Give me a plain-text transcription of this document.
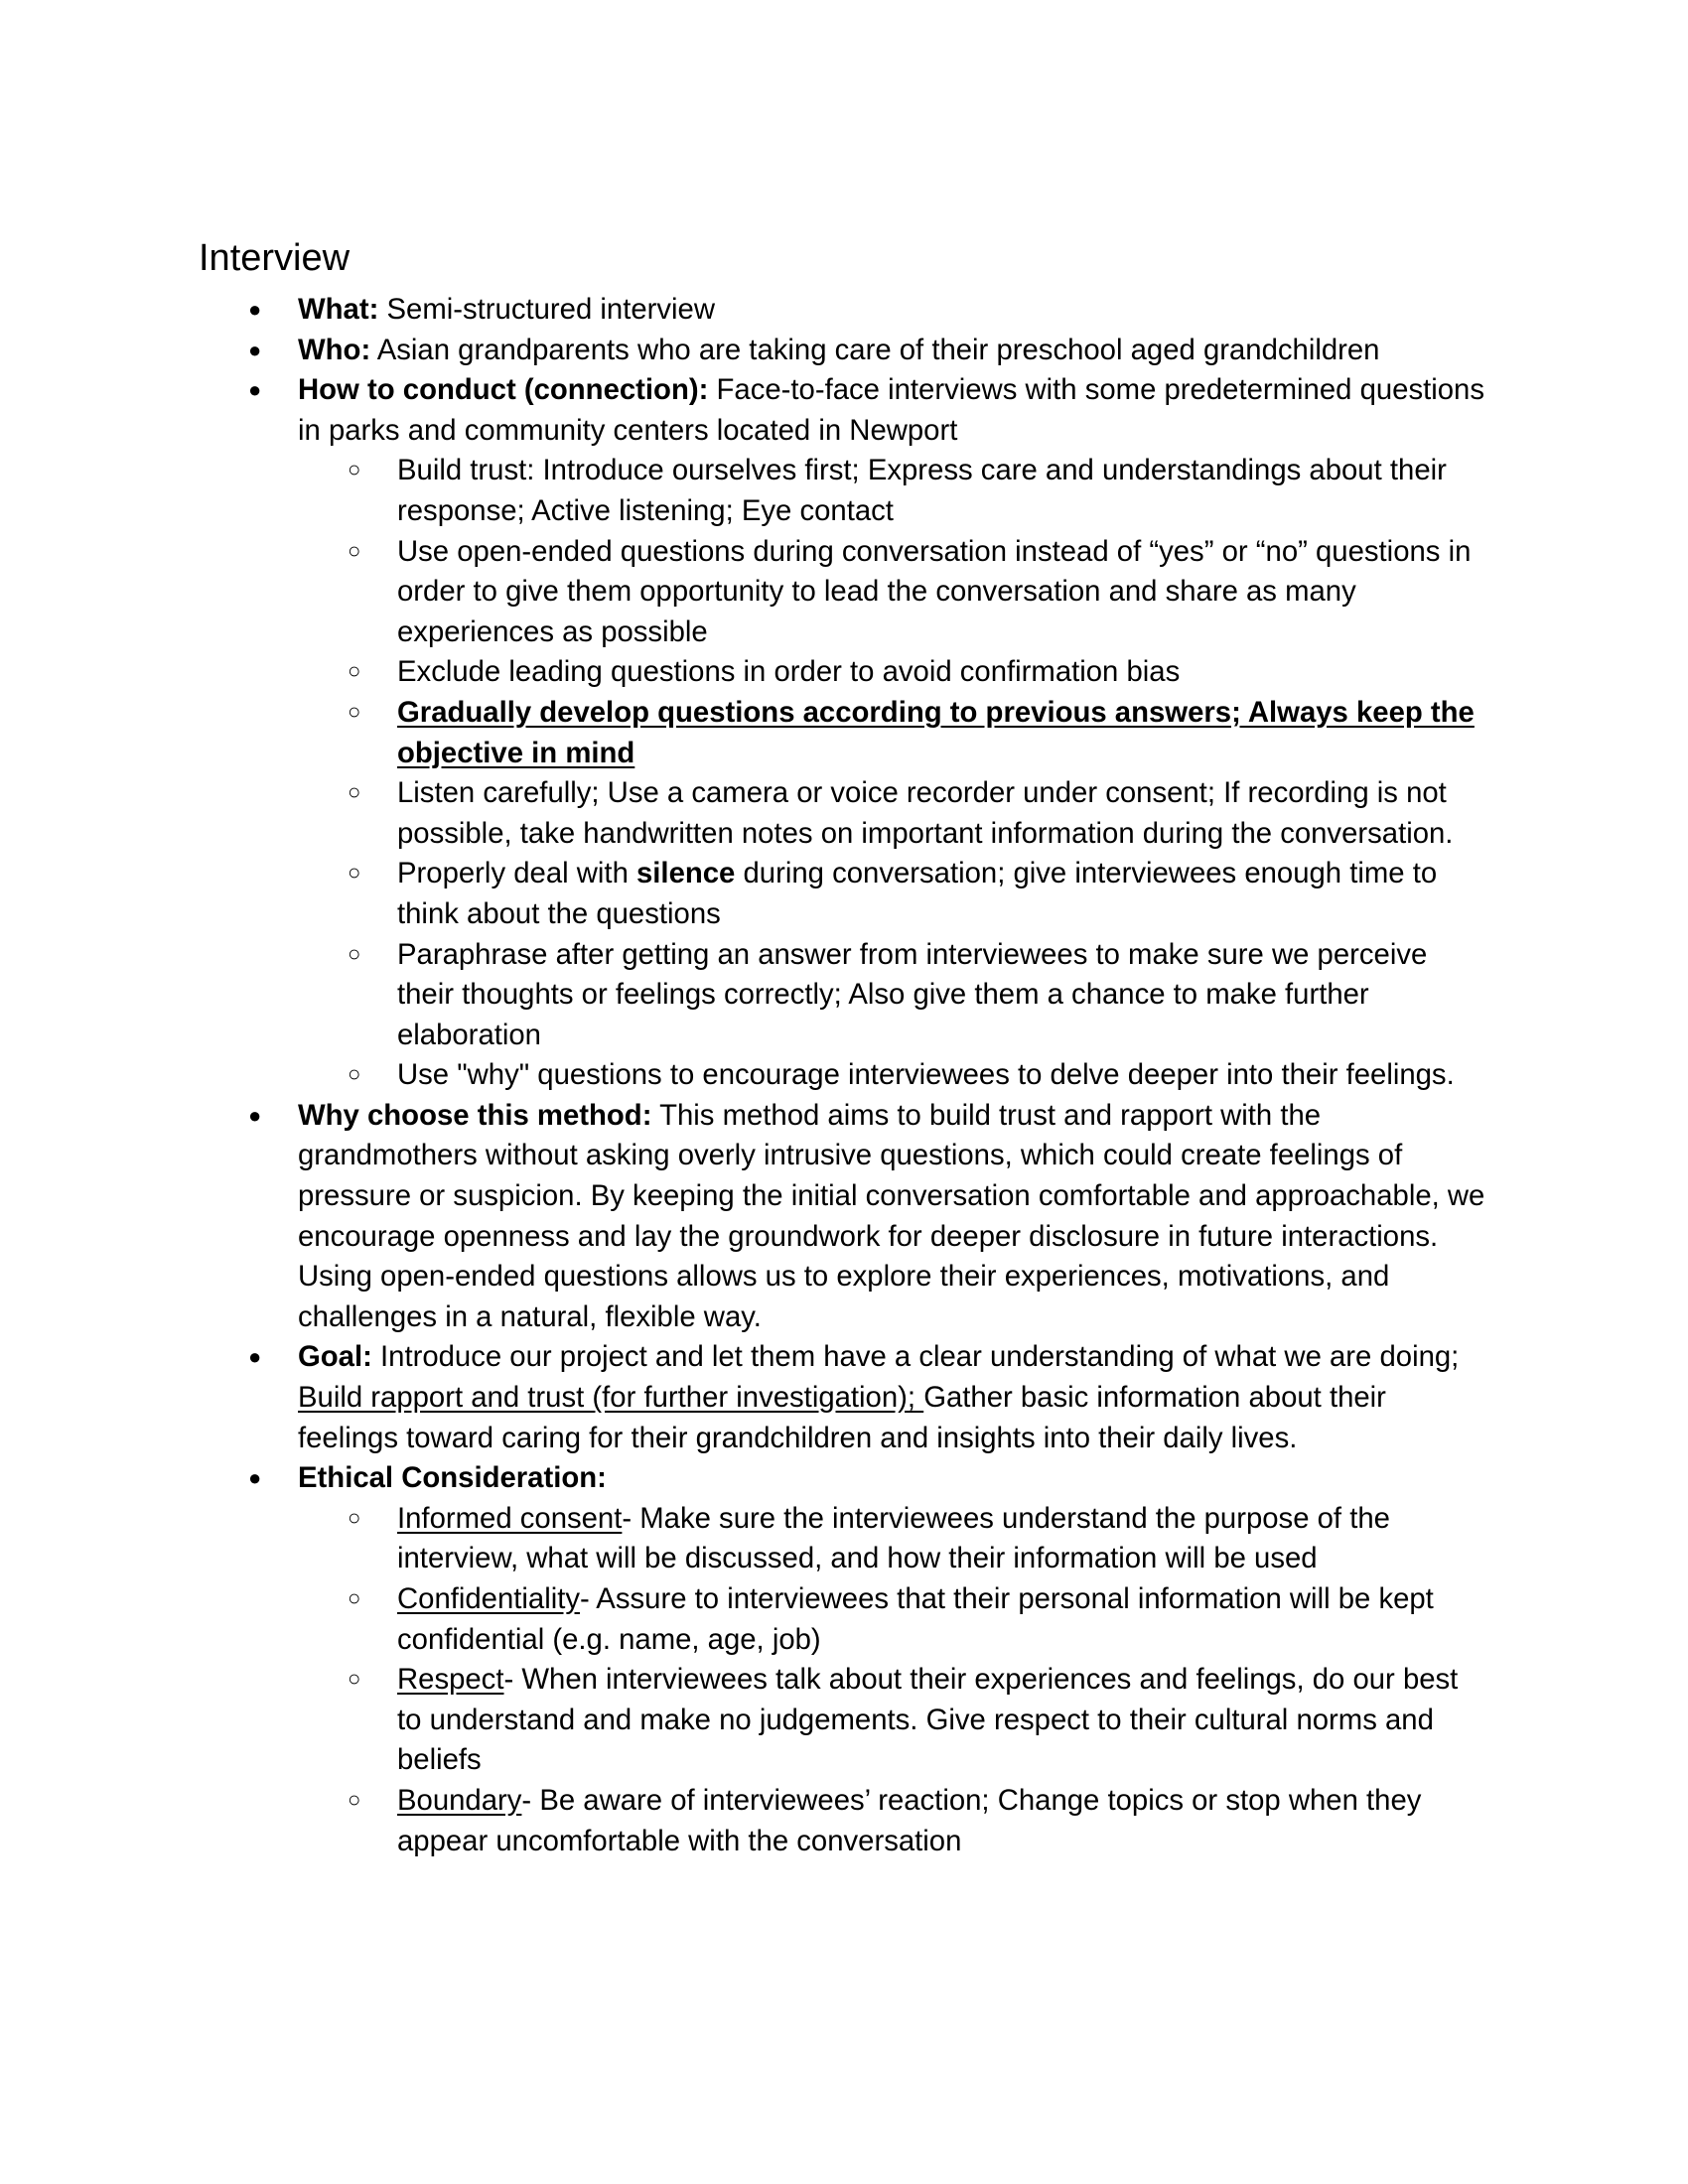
Interview
● What: Semi-structured interview
● Who: Asian grandparents who are taking care of their preschool aged grandchildren
● How to conduct (connection): Face-to-face interviews with some predetermined questions in parks and community centers located in Newport
○ Build trust: Introduce ourselves first; Express care and understandings about their response; Active listening; Eye contact
○ Use open-ended questions during conversation instead of “yes” or “no” questions in order to give them opportunity to lead the conversation and share as many experiences as possible
○ Exclude leading questions in order to avoid confirmation bias
○ Gradually develop questions according to previous answers; Always keep the objective in mind
○ Listen carefully; Use a camera or voice recorder under consent; If recording is not possible, take handwritten notes on important information during the conversation.
○ Properly deal with silence during conversation; give interviewees enough time to think about the questions
○ Paraphrase after getting an answer from interviewees to make sure we perceive their thoughts or feelings correctly; Also give them a chance to make further elaboration
○ Use "why" questions to encourage interviewees to delve deeper into their feelings.
● Why choose this method: This method aims to build trust and rapport with the grandmothers without asking overly intrusive questions, which could create feelings of pressure or suspicion. By keeping the initial conversation comfortable and approachable, we encourage openness and lay the groundwork for deeper disclosure in future interactions. Using open-ended questions allows us to explore their experiences, motivations, and challenges in a natural, flexible way.
● Goal: Introduce our project and let them have a clear understanding of what we are doing; Build rapport and trust (for further investigation); Gather basic information about their feelings toward caring for their grandchildren and insights into their daily lives.
● Ethical Consideration:
○ Informed consent- Make sure the interviewees understand the purpose of the interview, what will be discussed, and how their information will be used
○ Confidentiality- Assure to interviewees that their personal information will be kept confidential (e.g. name, age, job)
○ Respect- When interviewees talk about their experiences and feelings, do our best to understand and make no judgements. Give respect to their cultural norms and beliefs
○ Boundary- Be aware of interviewees’ reaction; Change topics or stop when they appear uncomfortable with the conversation
